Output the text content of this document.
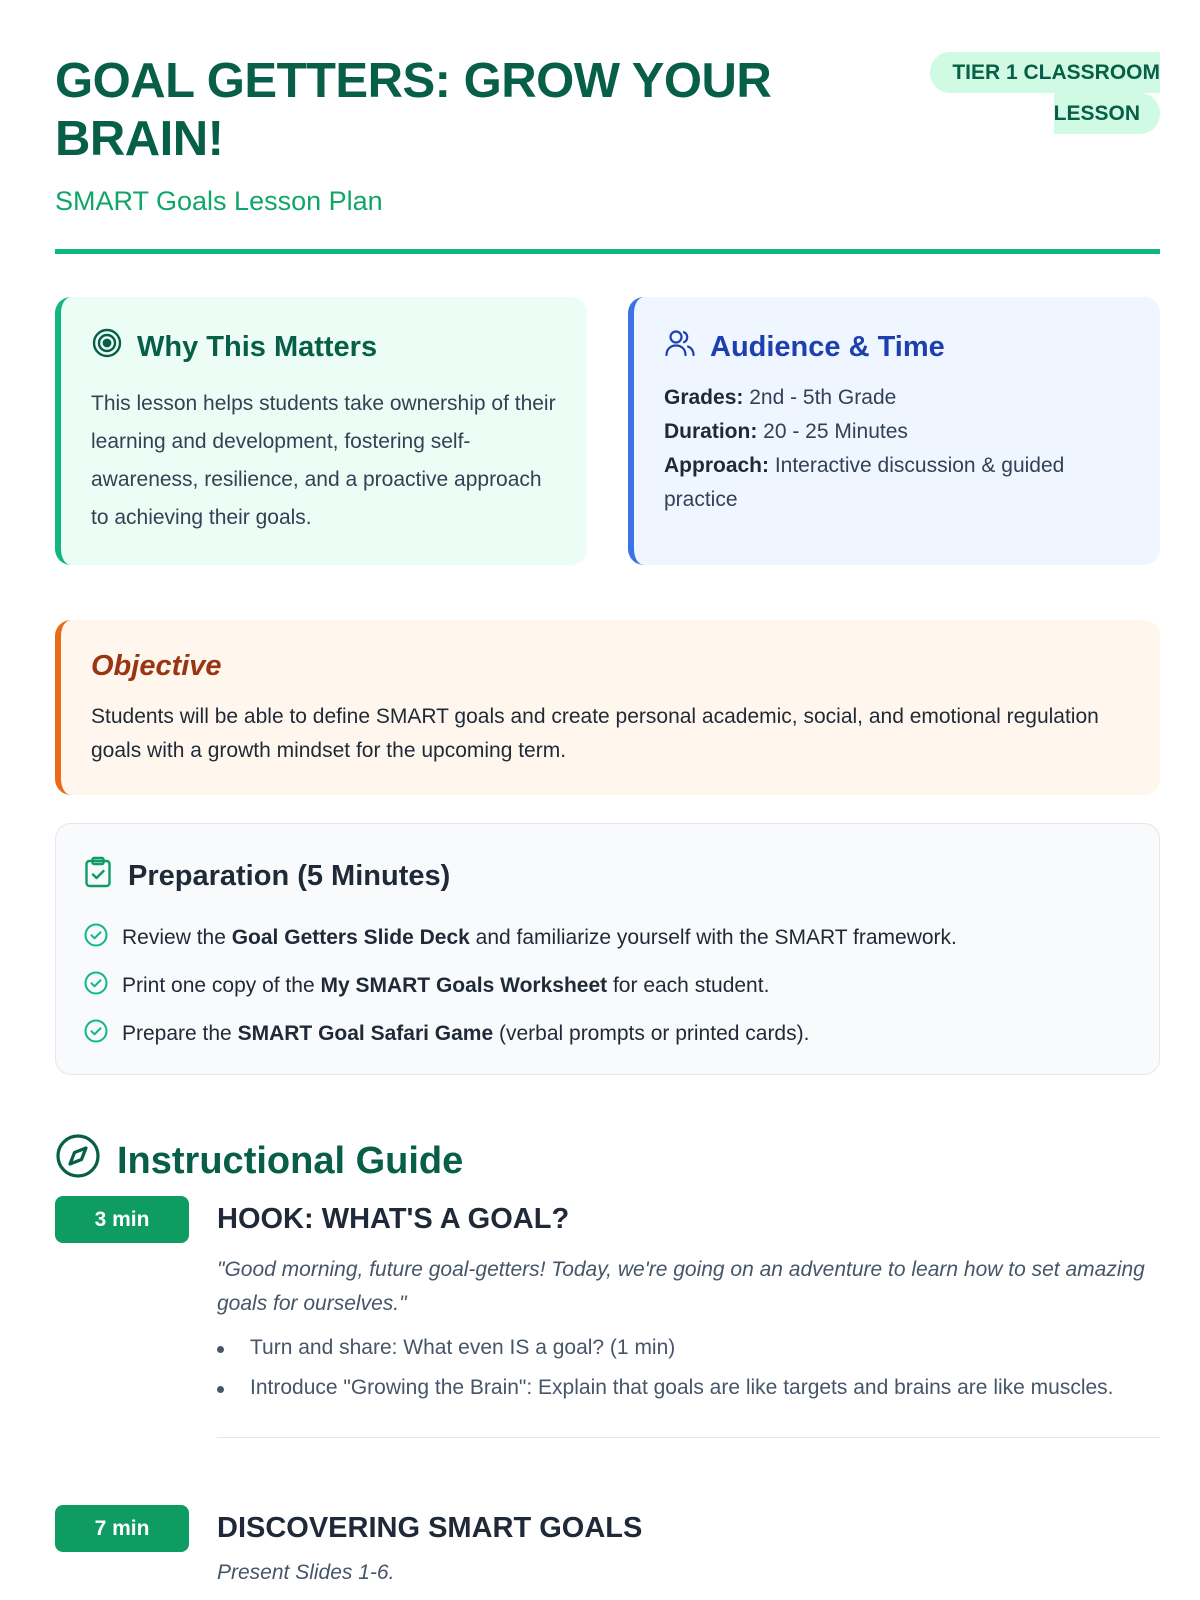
GOAL GETTERS: GROW YOUR BRAIN!
SMART Goals Lesson Plan
TIER 1 CLASSROOM
LESSON
Why This Matters

This lesson helps students take ownership of their learning and development, fostering self-awareness, resilience, and a proactive approach to achieving their goals.

Audience & Time
Grades: 2nd - 5th Grade
Duration: 20 - 25 Minutes
Approach: Interactive discussion & guided practice
Objective

Students will be able to define SMART goals and create personal academic, social, and emotional regulation goals with a growth mindset for the upcoming term.

Preparation (5 Minutes)
Review the Goal Getters Slide Deck and familiarize yourself with the SMART framework.
Print one copy of the My SMART Goals Worksheet for each student.
Prepare the SMART Goal Safari Game (verbal prompts or printed cards).
Instructional Guide
3 min	HOOK: WHAT'S A GOAL?

"Good morning, future goal-getters! Today, we're going on an adventure to learn how to set amazing goals for ourselves."

Turn and share: What even IS a goal? (1 min)
Introduce "Growing the Brain": Explain that goals are like targets and brains are like muscles.
7 min	DISCOVERING SMART GOALS

Present Slides 1-6.
